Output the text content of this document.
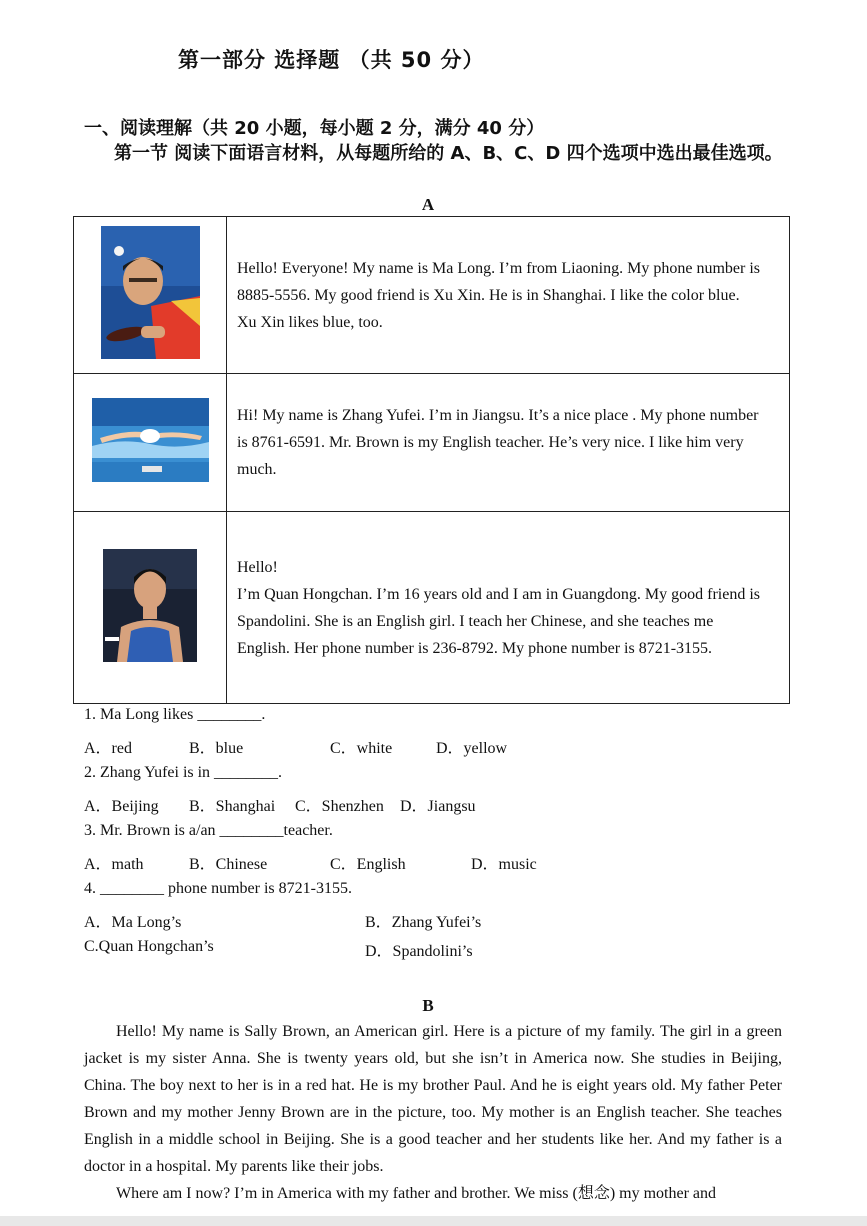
第一部分 选择题 （共 50 分）
一、阅读理解（共 20 小题，每小题 2 分，满分 40 分）
第一节 阅读下面语言材料，从每题所给的 A、B、C、D 四个选项中选出最佳选项。
A

Hello! Everyone! My name is Ma Long. I’m from Liaoning. My phone number is 8885-5556. My good friend is Xu Xin. He is in Shanghai. I like the color blue. Xu Xin likes blue, too.

Hi! My name is Zhang Yufei. I’m in Jiangsu. It’s a nice place . My phone number is 8761-6591. Mr. Brown is my English teacher. He’s very nice. I like him very much.

Hello!
I’m Quan Hongchan. I’m 16 years old and I am in Guangdong. My good friend is Spandolini. She is an English girl. I teach her Chinese, and she teaches me English. Her phone number is 236-8792. My phone number is 8721-3155.
1. Ma Long likes ________.
A．red	B．blue	C．white	D．yellow
2. Zhang Yufei is in ________.
A．Beijing B．Shanghai C．Shenzhen D．Jiangsu
3. Mr. Brown is a/an ________teacher.
A．math	B．Chinese	C．English	D．music
4. ________ phone number is 8721-3155.
A．Ma Long’s	B．Zhang Yufei’s
C.Quan Hongchan’s	D．Spandolini’s
B

Hello! My name is Sally Brown, an American girl. Here is a picture of my family. The girl in a green jacket is my sister Anna. She is twenty years old, but she isn’t in America now. She studies in Beijing, China. The boy next to her is in a red hat. He is my brother Paul. And he is eight years old. My father Peter Brown and my mother Jenny Brown are in the picture, too. My mother is an English teacher. She teaches English in a middle school in Beijing. She is a good teacher and her students like her. And my father is a doctor in a hospital. My parents like their jobs.

Where am I now? I’m in America with my father and brother. We miss (想念) my mother and
